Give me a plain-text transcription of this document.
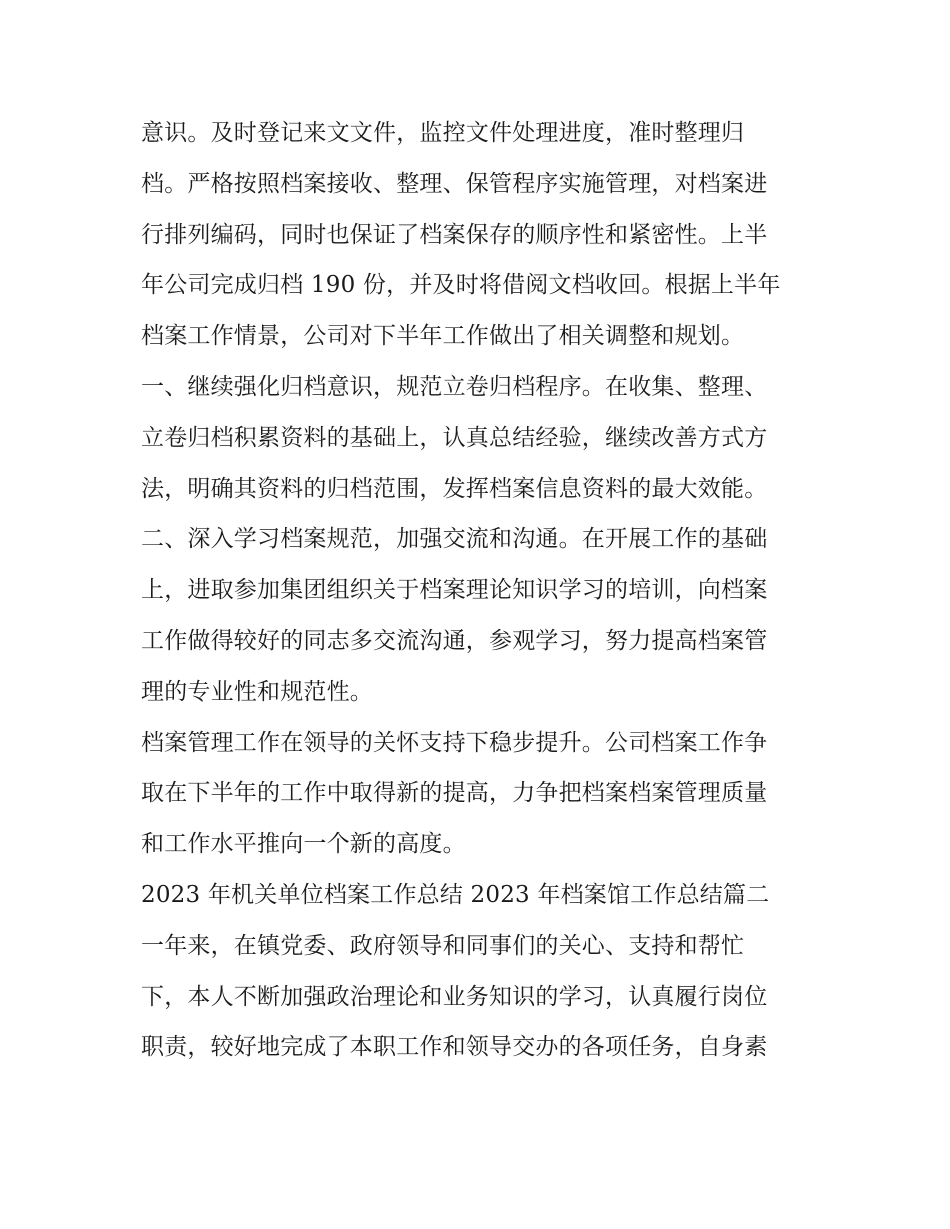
意识。及时登记来文文件，监控文件处理进度，准时整理归
档。严格按照档案接收、整理、保管程序实施管理，对档案进
行排列编码，同时也保证了档案保存的顺序性和紧密性。上半
年公司完成归档 190 份，并及时将借阅文档收回。根据上半年
档案工作情景，公司对下半年工作做出了相关调整和规划。
一、继续强化归档意识，规范立卷归档程序。在收集、整理、
立卷归档积累资料的基础上，认真总结经验，继续改善方式方
法，明确其资料的归档范围，发挥档案信息资料的最大效能。
二、深入学习档案规范，加强交流和沟通。在开展工作的基础
上，进取参加集团组织关于档案理论知识学习的培训，向档案
工作做得较好的同志多交流沟通，参观学习，努力提高档案管
理的专业性和规范性。
档案管理工作在领导的关怀支持下稳步提升。公司档案工作争
取在下半年的工作中取得新的提高，力争把档案档案管理质量
和工作水平推向一个新的高度。
2023 年机关单位档案工作总结 2023 年档案馆工作总结篇二
一年来，在镇党委、政府领导和同事们的关心、支持和帮忙
下，本人不断加强政治理论和业务知识的学习，认真履行岗位
职责，较好地完成了本职工作和领导交办的各项任务，自身素
